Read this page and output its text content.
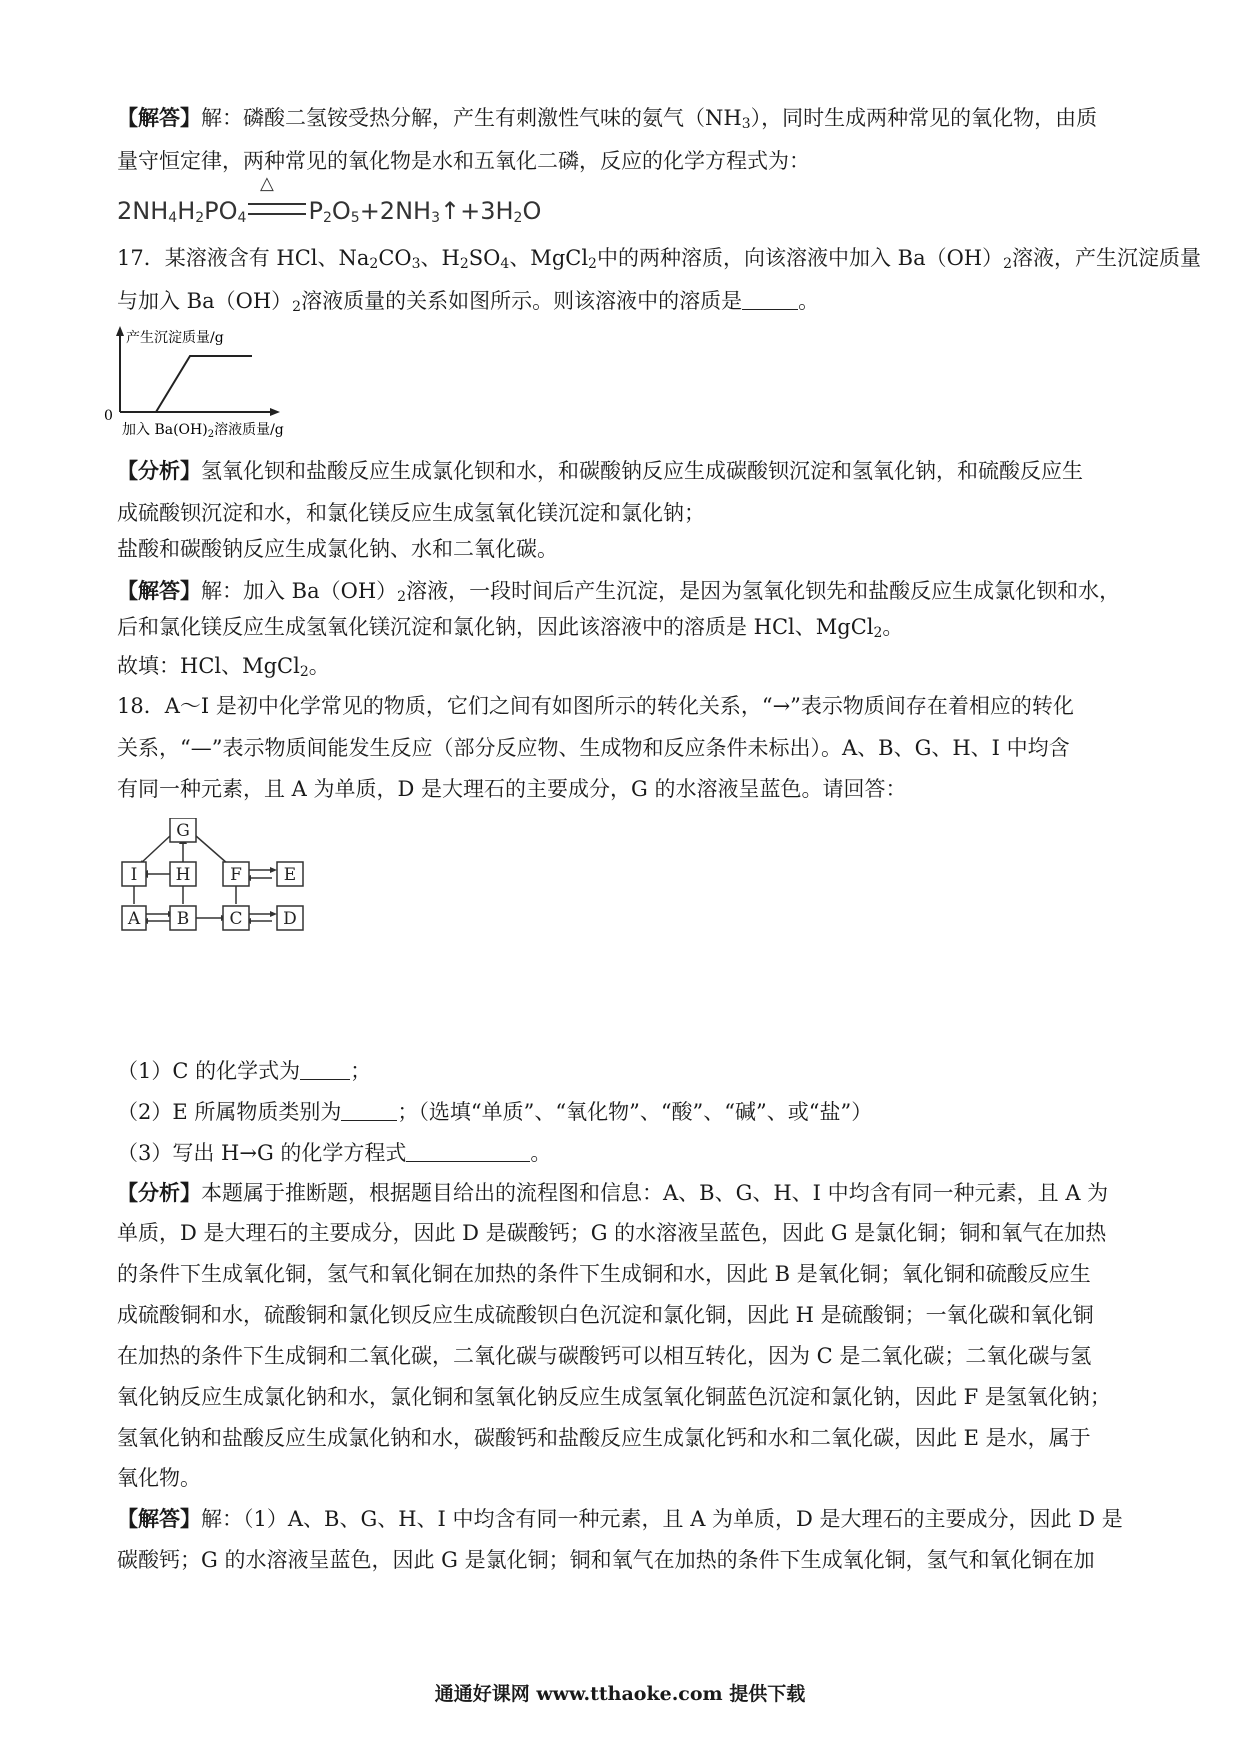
【解答】解：磷酸二氢铵受热分解，产生有刺激性气味的氨气$(NH_3)$，同时生成两种常见的氧化物，由质
量守恒定律，两种常见的氧化物是水和五氧化二磷，反应的化学方程式为：
△
$2NH_4H_2PO_4$	$P_2O_5+2NH_3↑+3H_2O$
17．某溶液含有 HCl、$Na_2CO_3$、$H_2SO_4$、MgCl$_2$中的两种溶质，向该溶液中加入 $Ba(OH)_2$溶液，产生沉淀质量
与加入 $Ba(OH)_2$溶液质量的关系如图所示。则该溶液中的溶质是	。
产生沉淀质量/g
0
加入 $Ba(OH)_2$溶液质量/g
【分析】氢氧化钡和盐酸反应生成氯化钡和水，和碳酸钠反应生成碳酸钡沉淀和氢氧化钠，和硫酸反应生
成硫酸钡沉淀和水，和氯化镁反应生成氢氧化镁沉淀和氯化钠；
盐酸和碳酸钠反应生成氯化钠、水和二氧化碳。
【解答】解：加入 $Ba(OH)_2$溶液，一段时间后产生沉淀，是因为氢氧化钡先和盐酸反应生成氯化钡和水，
后和氯化镁反应生成氢氧化镁沉淀和氯化钠，因此该溶液中的溶质是 HCl、MgCl$_2$。
故填：HCl、MgCl$_2$。
18．A～I 是初中化学常见的物质，它们之间有如图所示的转化关系，“→”表示物质间存在着相应的转化
关系，“—”表示物质间能发生反应（部分反应物、生成物和反应条件未标出）。A、B、G、H、I 中均含
有同一种元素，且 A 为单质，D 是大理石的主要成分，G 的水溶液呈蓝色。请回答：
G
I H F E
A B C D
（1）C 的化学式为 ；
（2）E 所属物质类别为	；（选填“单质”、“氧化物”、“酸”、“碱”、或“盐”）
（3）写出 H→G 的化学方程式	。
【分析】本题属于推断题，根据题目给出的流程图和信息：A、B、G、H、I 中均含有同一种元素，且 A 为
单质，D 是大理石的主要成分，因此 D 是碳酸钙；G 的水溶液呈蓝色，因此 G 是氯化铜；铜和氧气在加热
的条件下生成氧化铜，氢气和氧化铜在加热的条件下生成铜和水，因此 B 是氧化铜；氧化铜和硫酸反应生
成硫酸铜和水，硫酸铜和氯化钡反应生成硫酸钡白色沉淀和氯化铜，因此 H 是硫酸铜；一氧化碳和氧化铜
在加热的条件下生成铜和二氧化碳，二氧化碳与碳酸钙可以相互转化，因为 C 是二氧化碳；二氧化碳与氢
氧化钠反应生成氯化钠和水，氯化铜和氢氧化钠反应生成氢氧化铜蓝色沉淀和氯化钠，因此 F 是氢氧化钠；
氢氧化钠和盐酸反应生成氯化钠和水，碳酸钙和盐酸反应生成氯化钙和水和二氧化碳，因此 E 是水，属于
氧化物。
【解答】解：（1）A、B、G、H、I 中均含有同一种元素，且 A 为单质，D 是大理石的主要成分，因此 D 是
碳酸钙；G 的水溶液呈蓝色，因此 G 是氯化铜；铜和氧气在加热的条件下生成氧化铜，氢气和氧化铜在加
通通好课网 www.tthaoke.com 提供下载
